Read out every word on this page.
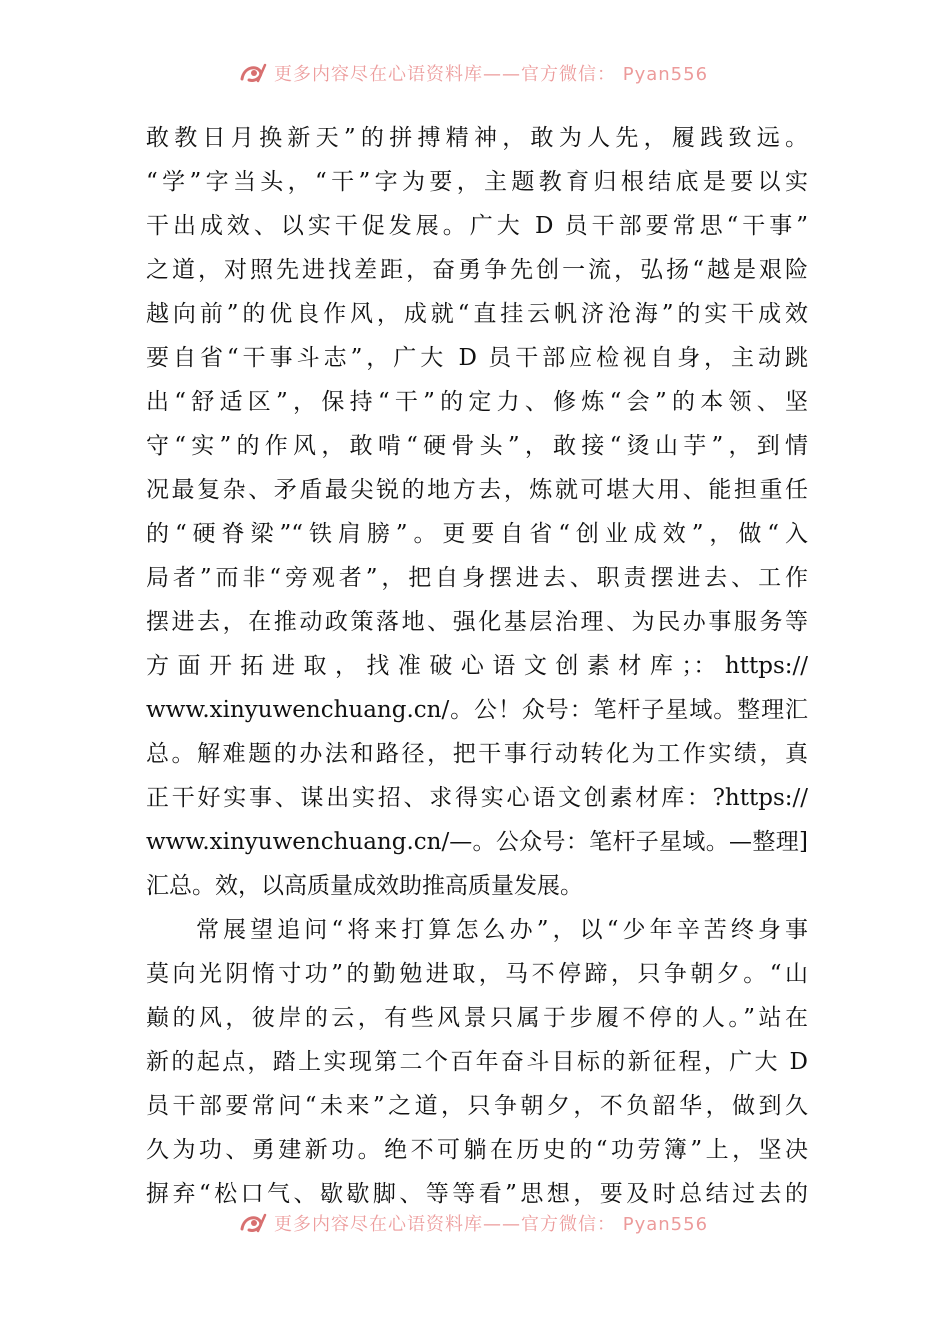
更多内容尽在心语资料库——官方微信： Pyan556
敢教日月换新天”的拼搏精神，敢为人先，履践致远。
“学”字当头，“干”字为要，主题教育归根结底是要以实
干出成效、以实干促发展。广大 D 员干部要常思“干事”
之道，对照先进找差距，奋勇争先创一流，弘扬“越是艰险
越向前”的优良作风，成就“直挂云帆济沧海”的实干成效
要自省“干事斗志”，广大 D 员干部应检视自身，主动跳
出“舒适区”，保持“干”的定力、修炼“会”的本领、坚
守“实”的作风，敢啃“硬骨头”，敢接“烫山芋”，到情
况最复杂、矛盾最尖锐的地方去，炼就可堪大用、能担重任
的“硬脊梁”“铁肩膀”。更要自省“创业成效”，做“入
局者”而非“旁观者”，把自身摆进去、职责摆进去、工作
摆进去，在推动政策落地、强化基层治理、为民办事服务等
方 面 开 拓 进 取 ， 找 准 破 心 语 文 创 素 材 库 ；： https://
www.xinyuwenchuang.cn/。公！众号：笔杆子星域。整理汇
总。解难题的办法和路径，把干事行动转化为工作实绩，真
正干好实事、谋出实招、求得实心语文创素材库：?https://
www.xinyuwenchuang.cn/—。公众号：笔杆子星域。—整理]
汇总。效，以高质量成效助推高质量发展。
常展望追问“将来打算怎么办”，以“少年辛苦终身事
莫向光阴惰寸功”的勤勉进取，马不停蹄，只争朝夕。“山
巅的风，彼岸的云，有些风景只属于步履不停的人。”站在
新的起点，踏上实现第二个百年奋斗目标的新征程，广大 D
员干部要常问“未来”之道，只争朝夕，不负韶华，做到久
久为功、勇建新功。绝不可躺在历史的“功劳簿”上，坚决
摒弃“松口气、歇歇脚、等等看”思想，要及时总结过去的
更多内容尽在心语资料库——官方微信： Pyan556
